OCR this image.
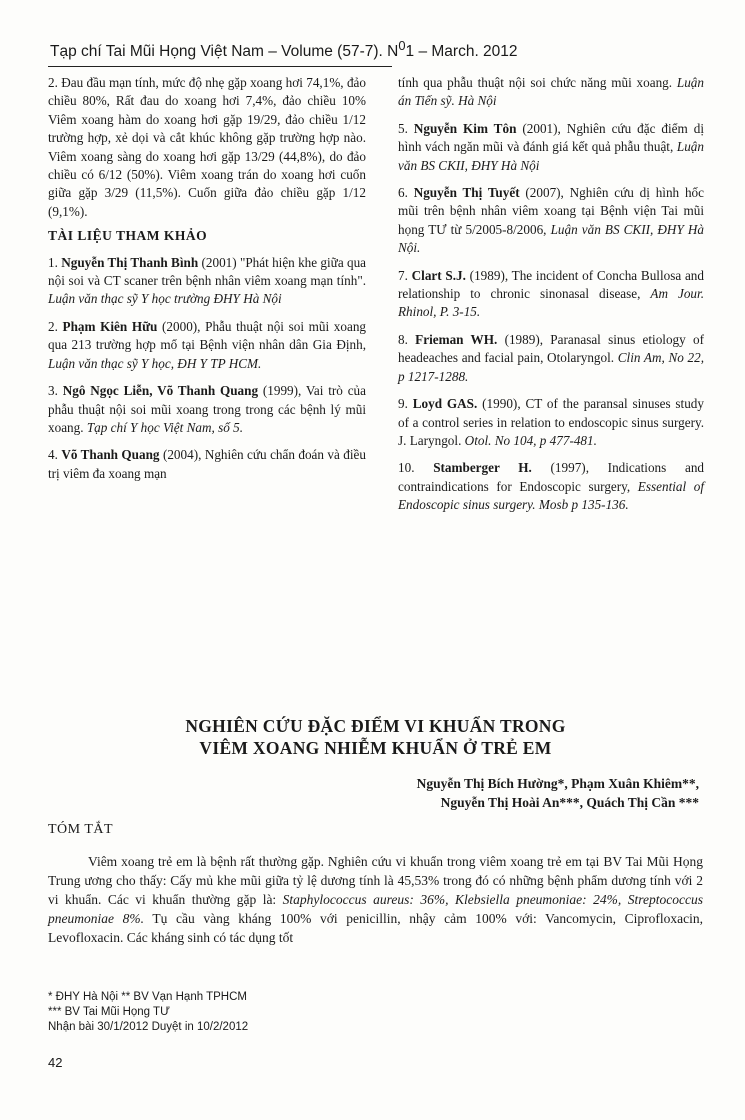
Tạp chí Tai Mũi Họng Việt Nam – Volume (57-7). $N^01$ – March. 2012

2. Đau đầu mạn tính, mức độ nhẹ gặp xoang hơi 74,1%, đảo chiều 80%, Rất đau do xoang hơi 7,4%, đảo chiều 10% Viêm xoang hàm do xoang hơi gặp 19/29, đảo chiều 1/12 trường hợp, xẻ dọi và cắt khúc không gặp trường hợp nào. Viêm xoang sàng do xoang hơi gặp 13/29 (44,8%), do đảo chiều có 6/12 (50%). Viêm xoang trán do xoang hơi cuốn giữa gặp 3/29 (11,5%). Cuốn giữa đảo chiều gặp 1/12 (9,1%).

TÀI LIỆU THAM KHẢO
1. Nguyễn Thị Thanh Bình (2001) "Phát hiện khe giữa qua nội soi và CT scaner trên bệnh nhân viêm xoang mạn tính". Luận văn thạc sỹ Y học trường ĐHY Hà Nội
2. Phạm Kiên Hữu (2000), Phẫu thuật nội soi mũi xoang qua 213 trường hợp mổ tại Bệnh viện nhân dân Gia Định, Luận văn thạc sỹ Y học, ĐH Y TP HCM.
3. Ngô Ngọc Liễn, Võ Thanh Quang (1999), Vai trò của phẫu thuật nội soi mũi xoang trong trong các bệnh lý mũi xoang. Tạp chí Y học Việt Nam, số 5.
4. Võ Thanh Quang (2004), Nghiên cứu chẩn đoán và điều trị viêm đa xoang mạn
tính qua phẫu thuật nội soi chức năng mũi xoang. Luận án Tiến sỹ. Hà Nội
5. Nguyễn Kim Tôn (2001), Nghiên cứu đặc điểm dị hình vách ngăn mũi và đánh giá kết quả phẫu thuật, Luận văn BS CKII, ĐHY Hà Nội
6. Nguyễn Thị Tuyết (2007), Nghiên cứu dị hình hốc mũi trên bệnh nhân viêm xoang tại Bệnh viện Tai mũi họng TƯ từ 5/2005-8/2006, Luận văn BS CKII, ĐHY Hà Nội.
7. Clart S.J. (1989), The incident of Concha Bullosa and relationship to chronic sinonasal disease, Am Jour. Rhinol, P. 3-15.
8. Frieman WH. (1989), Paranasal sinus etiology of headeaches and facial pain, Otolaryngol. Clin Am, No 22, p 1217-1288.
9. Loyd GAS. (1990), CT of the paransal sinuses study of a control series in relation to endoscopic sinus surgery. J. Laryngol. Otol. No 104, p 477-481.
10. Stamberger H. (1997), Indications and contraindications for Endoscopic surgery, Essential of Endoscopic sinus surgery. Mosb p 135-136.
NGHIÊN CỨU ĐẶC ĐIỂM VI KHUẨN TRONG
VIÊM XOANG NHIỄM KHUẨN Ở TRẺ EM
Nguyễn Thị Bích Hường*, Phạm Xuân Khiêm**,
Nguyễn Thị Hoài An***, Quách Thị Cần ***
TÓM TẮT

Viêm xoang trẻ em là bệnh rất thường gặp. Nghiên cứu vi khuẩn trong viêm xoang trẻ em tại BV Tai Mũi Họng Trung ương cho thấy: Cấy mủ khe mũi giữa tỷ lệ dương tính là 45,53% trong đó có những bệnh phẩm dương tính với 2 vi khuẩn. Các vi khuẩn thường gặp là: Staphylococcus aureus: 36%, Klebsiella pneumoniae: 24%, Streptococcus pneumoniae 8%. Tụ cầu vàng kháng 100% với penicillin, nhậy cảm 100% với: Vancomycin, Ciprofloxacin, Levofloxacin. Các kháng sinh có tác dụng tốt

* ĐHY Hà Nội ** BV Vạn Hạnh TPHCM
*** BV Tai Mũi Họng TƯ
Nhận bài 30/1/2012 Duyệt in 10/2/2012
42
